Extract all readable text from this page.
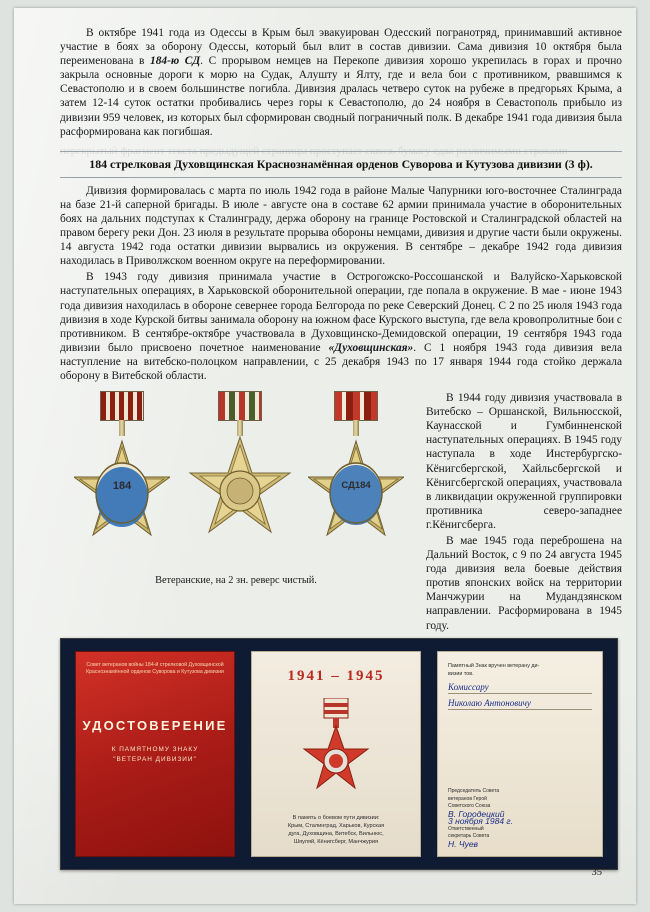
перекрытый фрагмент текста предыдущей страницы проступает сквозь бумагу едва различимыми строками

В октябре 1941 года из Одессы в Крым был эвакуирован Одесский погранотряд, принимавший активное участие в боях за оборону Одессы, который был влит в состав дивизии. Сама дивизия 10 октября была переименована в 184-ю СД. С прорывом немцев на Перекопе дивизия хорошо укрепилась в горах и прочно закрыла основные дороги к морю на Судак, Алушту и Ялту, где и вела бои с противником, рвавшимся к Севастополю и в своем большинстве погибла. Дивизия дралась четверо суток на рубеже в предгорьях Крыма, а затем 12-14 суток остатки пробивались через горы к Севастополю, до 24 ноября в Севастополь прибыло из дивизии 959 человек, из которых был сформирован сводный пограничный полк. В декабре 1941 года дивизия была расформирована как погибшая.

184 стрелковая Духовщинская Краснознамённая орденов Суворова и Кутузова дивизии (3 ф).

Дивизия формировалась с марта по июль 1942 года в районе Малые Чапурники юго-восточнее Сталинграда на базе 21-й саперной бригады. В июле - августе она в составе 62 армии принимала участие в оборонительных боях на дальних подступах к Сталинграду, держа оборону на границе Ростовской и Сталинградской областей на правом берегу реки Дон. 23 июля в результате прорыва обороны немцами, дивизия и другие части были окружены. 14 августа 1942 года остатки дивизии вырвались из окружения. В сентябре – декабре 1942 года дивизия находилась в Приволжском военном округе на переформировании.

В 1943 году дивизия принимала участие в Острогожско-Россошанской и Валуйско-Харьковской наступательных операциях, в Харьковской оборонительной операции, где попала в окружение. В мае - июне 1943 года дивизия находилась в обороне севернее города Белгорода по реке Северский Донец. С 2 по 25 июля 1943 года дивизия в ходе Курской битвы занимала оборону на южном фасе Курского выступа, где вела кровопролитные бои с противником. В сентябре-октябре участвовала в Духовщинско-Демидовской операции, 19 сентября 1943 года дивизии было присвоено почетное наименование «Духовщинская». С 1 ноября 1943 года дивизия вела наступление на витебско-полоцком направлении, с 25 декабря 1943 по 17 января 1944 года стойко держала оборону в Витебской области.

184	СД184
Ветеранские, на 2 зн. реверс чистый.

В 1944 году дивизия участвовала в Витебско – Оршанской, Вильнюсской, Каунасской и Гумбинненской наступательных операциях. В 1945 году наступала в ходе Инстербургско-Кёнигсбергской, Хайльсбергской и Кёнигсбергской операциях, участвовала в ликвидации окруженной группировки противника северо-западнее г.Кёнигсберга.

В мае 1945 года переброшена на Дальний Восток, с 9 по 24 августа 1945 года дивизия вела боевые действия против японских войск на территории Манчжурии на Мудандзянском направлении. Расформирована в 1945 году.

Совет ветеранов войны 184-й стрелковой Духовщинской Краснознамённой орденов Суворова и Кутузова дивизии
УДОСТОВЕРЕНИЕ
К ПАМЯТНОМУ ЗНАКУ
"ВЕТЕРАН ДИВИЗИИ"
1941 – 1945
В память о боевом пути дивизии:
Крым, Сталинград, Харьков, Курская
дуга, Духовщина, Витебск, Вильнюс,
Шяуляй, Кёнигсберг, Манчжурия
Памятный Знак вручен ветерану ди-
визии тов.
Комиссару
Николаю Антоновичу
Председатель Совета
ветеранов Герой
Советского Союза
В. Городецкий
3 ноября 1984 г.
Ответственный
секретарь Совета
Н. Чуев
35
